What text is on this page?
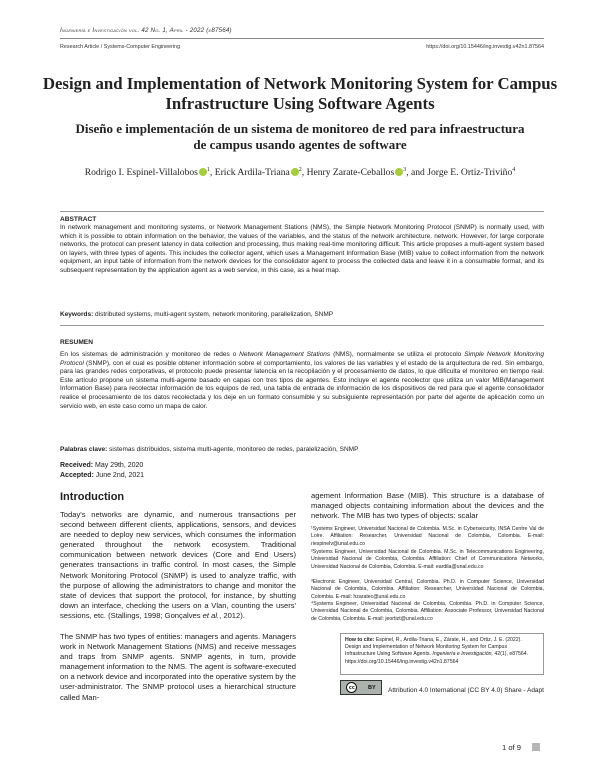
Ingeniería e Investigación vol. 42 No. 1, April - 2022 (e87564)
Research Article / Systems-Computer Engineering	https://doi.org/10.15446/ing.investig.v42n1.87564
Design and Implementation of Network Monitoring System for Campus Infrastructure Using Software Agents
Diseño e implementación de un sistema de monitoreo de red para infraestructura de campus usando agentes de software
Rodrigo I. Espinel-Villalobos $^1$, Erick Ardila-Triana $^2$, Henry Zarate-Ceballos $^3$, and Jorge E. Ortiz-Triviño$^4$
ABSTRACT
In network management and monitoring systems, or Network Management Stations (NMS), the Simple Network Monitoring Protocol (SNMP) is normally used, with which it is possible to obtain information on the behavior, the values of the variables, and the status of the network architecture. network. However, for large corporate networks, the protocol can present latency in data collection and processing, thus making real-time monitoring difficult. This article proposes a multi-agent system based on layers, with three types of agents. This includes the collector agent, which uses a Management Information Base (MIB) value to collect information from the network equipment, an input table of information from the network devices for the consolidator agent to process the collected data and leave it in a consumable format, and its subsequent representation by the application agent as a web service, in this case, as a heat map.
Keywords: distributed systems, multi-agent system, network monitoring, parallelization, SNMP
RESUMEN
En los sistemas de administración y monitoreo de redes o Network Management Stations (NMS), normalmente se utiliza el protocolo Simple Network Monitoring Protocol (SNMP), con el cual es posible obtener información sobre el comportamiento, los valores de las variables y el estado de la arquitectura de red. Sin embargo, para las grandes redes corporativas, el protocolo puede presentar latencia en la recopilación y el procesamiento de datos, lo que dificulta el monitoreo en tiempo real. Este artículo propone un sistema multi-agente basado en capas con tres tipos de agentes. Esto incluye el agente recolector que utiliza un valor MIB(Management Information Base) para recolectar información de los equipos de red, una tabla de entrada de información de los dispositivos de red para que el agente consolidador realice el procesamiento de los datos recolectada y los deje en un formato consumible y su subsiguiente representación por parte del agente de aplicación como un servicio web, en este caso como un mapa de calor.
Palabras clave: sistemas distribuidos, sistema multi-agente, monitoreo de redes, paralelización, SNMP
Received: May 29th, 2020
Accepted: June 2nd, 2021
Introduction
Today's networks are dynamic, and numerous transactions per second between different clients, applications, sensors, and devices are needed to deploy new services, which consumes the information generated throughout the network ecosystem. Traditional communication between network devices (Core and End Users) generates transactions in traffic control. In most cases, the Simple Network Monitoring Protocol (SNMP) is used to analyze traffic, with the purpose of allowing the administrators to change and monitor the state of devices that support the protocol, for instance, by shutting down an interface, checking the users on a Vlan, counting the users' sessions, etc. (Stallings, 1998; Gonçalves et al., 2012).
The SNMP has two types of entities: managers and agents. Managers work in Network Management Stations (NMS) and receive messages and traps from SNMP agents. SNMP agents, in turn, provide management information to the NMS. The agent is software-executed on a network device and incorporated into the operative system by the user-administrator. The SNMP protocol uses a hierarchical structure called Man-
agement Information Base (MIB). This structure is a database of managed objects containing information about the devices and the network. The MIB has two types of objects: scalar
¹Systems Engineer, Universidad Nacional de Colombia. M.Sc. in Cybersecurity, INSA Centre Val de Loire. Affiliation: Researcher, Universidad Nacional de Colombia, Colombia. E-mail: riespinelv@unal.edu.co
²Systems Engineer, Universidad Nacional de Colombia. M.Sc. in Telecommunications Engineering, Universidad Nacional de Colombia, Colombia. Affiliation: Chief of Communications Networks, Universidad Nacional de Colombia, Colombia. E-mail: eardila@unal.edu.co
³Electronic Engineer, Universidad Central, Colombia. Ph.D. in Computer Science, Universidad Nacional de Colombia, Colombia. Affiliation: Researcher, Universidad Nacional de Colombia, Colombia. E-mail: hzaratec@unal.edu.co
⁴Systems Engineer, Universidad Nacional de Colombia, Colombia. Ph.D. in Computer Science, Universidad Nacional de Colombia, Colombia. Affiliation: Associate Professor, Universidad Nacional de Colombia, Colombia. E-mail: jeortizt@unal.edu.co
How to cite: Espinel, R., Ardila-Triana, E., Zárate, H., and Ortiz, J. E. (2022). Design and Implementation of Network Monitoring System for Campus Infrastructure Using Software Agents. Ingeniería e Investigación, 42(1), e87564. https://doi.org/10.15446/ing.investig.v42n1.87564
cc	BY Attribution 4.0 International (CC BY 4.0) Share - Adapt
1 of 9
